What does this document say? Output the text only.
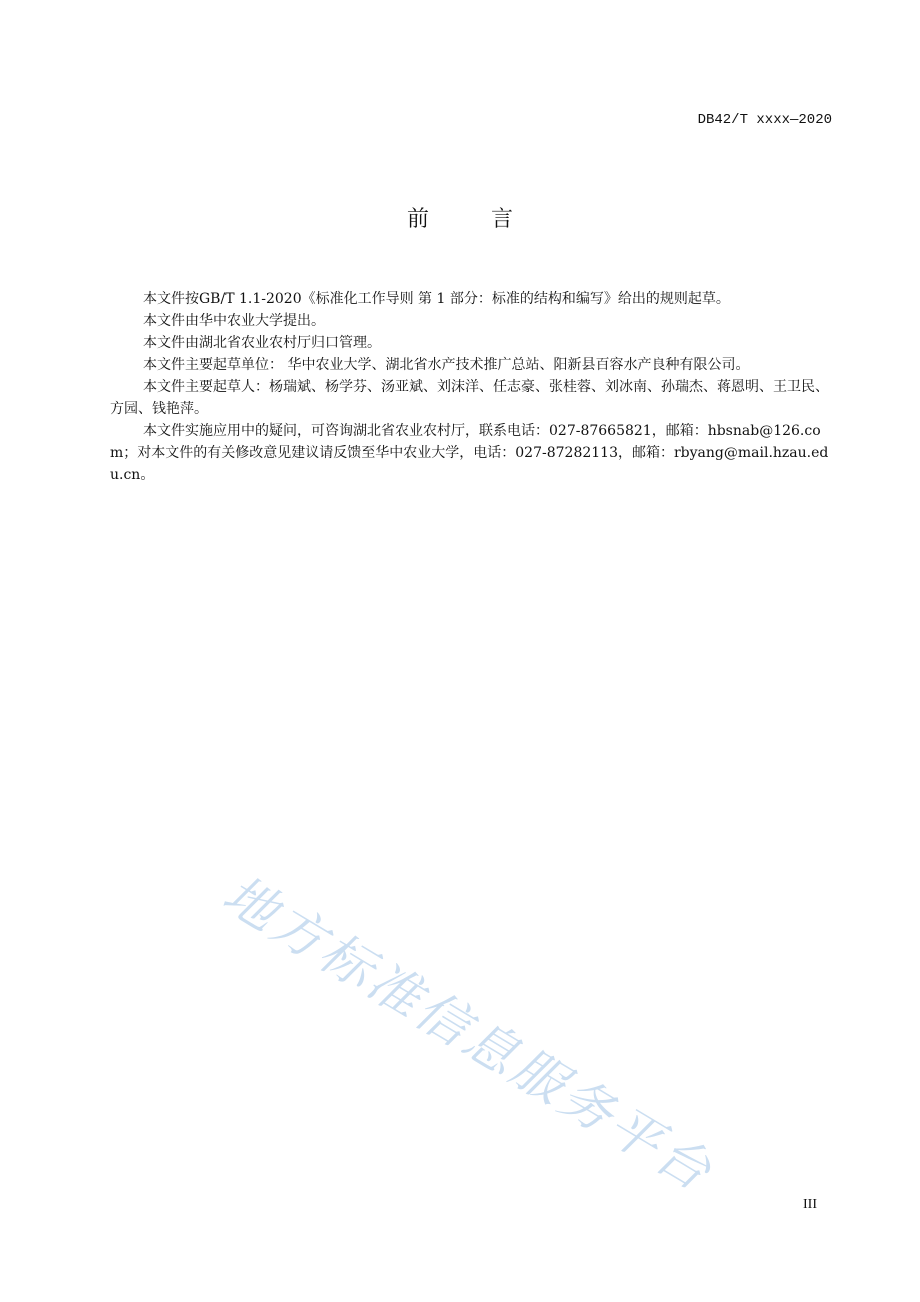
DB42/T xxxx—2020
前言

本文件按GB/T 1.1-2020《标准化工作导则 第 1 部分：标准的结构和编写》给出的规则起草。

本文件由华中农业大学提出。

本文件由湖北省农业农村厅归口管理。

本文件主要起草单位： 华中农业大学、湖北省水产技术推广总站、阳新县百容水产良种有限公司。

本文件主要起草人：杨瑞斌、杨学芬、汤亚斌、刘沫洋、任志豪、张桂蓉、刘冰南、孙瑞杰、蒋恩明、王卫民、方园、钱艳萍。

本文件实施应用中的疑问，可咨询湖北省农业农村厅，联系电话：027-87665821，邮箱：hbsnab@126.com；对本文件的有关修改意见建议请反馈至华中农业大学，电话：027-87282113，邮箱：rbyang@mail.hzau.edu.cn。

地方标准信息服务平台
III
